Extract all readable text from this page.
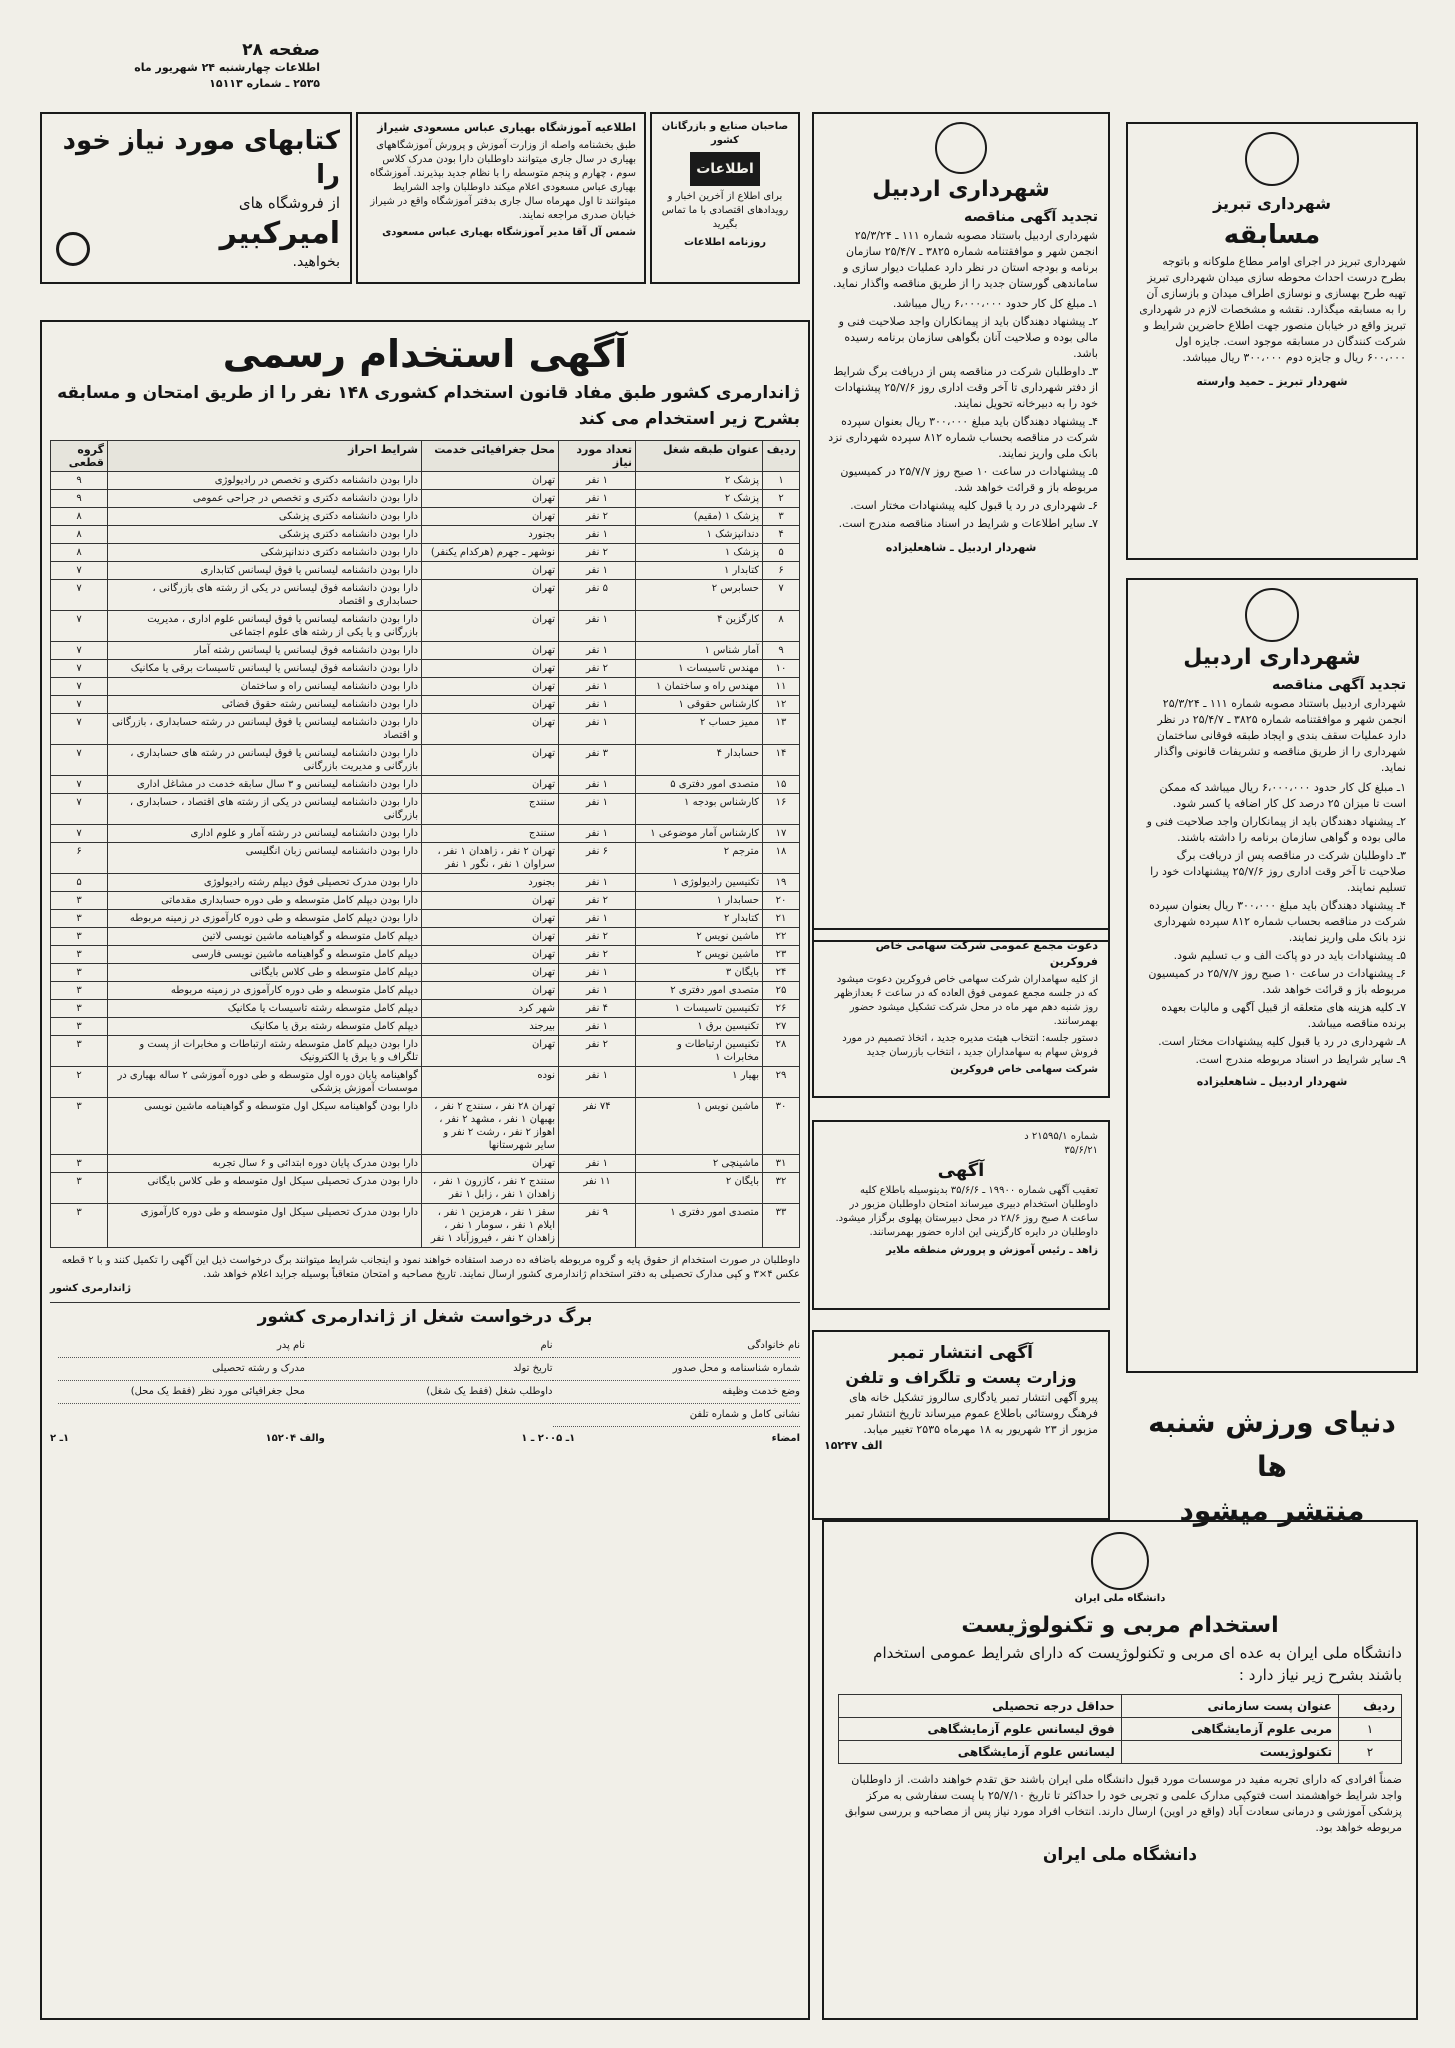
صفحه ۲۸
اطلاعات چهارشنبه ۲۴ شهریور ماه
۲۵۳۵ ـ شماره ۱۵۱۱۳
کتابهای مورد نیاز خود را
از فروشگاه های
امیرکبیر
بخواهید.
اطلاعیه آموزشگاه بهیاری عباس مسعودی شیراز
طبق بخشنامه واصله از وزارت آموزش و پرورش آموزشگاههای بهیاری در سال جاری میتوانند داوطلبان دارا بودن مدرک کلاس سوم ، چهارم و پنجم متوسطه را با نظام جدید بپذیرند. آموزشگاه بهیاری عباس مسعودی اعلام میکند داوطلبان واجد الشرایط میتوانند تا اول مهرماه سال جاری بدفتر آموزشگاه واقع در شیراز خیابان صدری مراجعه نمایند.
شمس آل آقا مدیر آموزشگاه بهیاری عباس مسعودی
صاحبان صنایع و بازرگانان کشور
اطلاعات
برای اطلاع از آخرین اخبار و رویدادهای اقتصادی با ما تماس بگیرید
روزنامه اطلاعات
آگهی استخدام رسمی
ژاندارمری کشور طبق مفاد قانون استخدام کشوری ۱۴۸ نفر را از طریق امتحان و مسابقه بشرح زیر استخدام می کند
ردیف	عنوان طبقه شغل	تعداد مورد نیاز	محل جغرافیائی خدمت	شرایط احراز	گروه قطعی
۱	پزشک ۲	۱ نفر	تهران	دارا بودن دانشنامه دکتری و تخصص در رادیولوژی	۹
۲	پزشک ۲	۱ نفر	تهران	دارا بودن دانشنامه دکتری و تخصص در جراحی عمومی	۹
۳	پزشک ۱ (مقیم)	۲ نفر	تهران	دارا بودن دانشنامه دکتری پزشکی	۸
۴	دندانپزشک ۱	۱ نفر	بجنورد	دارا بودن دانشنامه دکتری پزشکی	۸
۵	پزشک ۱	۲ نفر	نوشهر ـ جهرم (هرکدام یکنفر)	دارا بودن دانشنامه دکتری دندانپزشکی	۸
۶	کتابدار ۱	۱ نفر	تهران	دارا بودن دانشنامه لیسانس یا فوق لیسانس کتابداری	۷
۷	حسابرس ۲	۵ نفر	تهران	دارا بودن دانشنامه فوق لیسانس در یکی از رشته های بازرگانی ، حسابداری و اقتصاد	۷
۸	کارگزین ۴	۱ نفر	تهران	دارا بودن دانشنامه لیسانس یا فوق لیسانس علوم اداری ، مدیریت بازرگانی و یا یکی از رشته های علوم اجتماعی	۷
۹	آمار شناس ۱	۱ نفر	تهران	دارا بودن دانشنامه فوق لیسانس یا لیسانس رشته آمار	۷
۱۰	مهندس تاسیسات ۱	۲ نفر	تهران	دارا بودن دانشنامه فوق لیسانس یا لیسانس تاسیسات برقی یا مکانیک	۷
۱۱	مهندس راه و ساختمان ۱	۱ نفر	تهران	دارا بودن دانشنامه لیسانس راه و ساختمان	۷
۱۲	کارشناس حقوقی ۱	۱ نفر	تهران	دارا بودن دانشنامه لیسانس رشته حقوق قضائی	۷
۱۳	ممیز حساب ۲	۱ نفر	تهران	دارا بودن دانشنامه لیسانس یا فوق لیسانس در رشته حسابداری ، بازرگانی و اقتصاد	۷
۱۴	حسابدار ۴	۳ نفر	تهران	دارا بودن دانشنامه لیسانس یا فوق لیسانس در رشته های حسابداری ، بازرگانی و مدیریت بازرگانی	۷
۱۵	متصدی امور دفتری ۵	۱ نفر	تهران	دارا بودن دانشنامه لیسانس و ۳ سال سابقه خدمت در مشاغل اداری	۷
۱۶	کارشناس بودجه ۱	۱ نفر	سنندج	دارا بودن دانشنامه لیسانس در یکی از رشته های اقتصاد ، حسابداری ، بازرگانی	۷
۱۷	کارشناس آمار موضوعی ۱	۱ نفر	سنندج	دارا بودن دانشنامه لیسانس در رشته آمار و علوم اداری	۷
۱۸	مترجم ۲	۶ نفر	تهران ۲ نفر ، زاهدان ۱ نفر ، سراوان ۱ نفر ، نگور ۱ نفر	دارا بودن دانشنامه لیسانس زبان انگلیسی	۶
۱۹	تکنیسین رادیولوژی ۱	۱ نفر	بجنورد	دارا بودن مدرک تحصیلی فوق دیپلم رشته رادیولوژی	۵
۲۰	حسابدار ۱	۲ نفر	تهران	دارا بودن دیپلم کامل متوسطه و طی دوره حسابداری مقدماتی	۳
۲۱	کتابدار ۲	۱ نفر	تهران	دارا بودن دیپلم کامل متوسطه و طی دوره کارآموزی در زمینه مربوطه	۳
۲۲	ماشین نویس ۲	۲ نفر	تهران	دیپلم کامل متوسطه و گواهینامه ماشین نویسی لاتین	۳
۲۳	ماشین نویس ۲	۲ نفر	تهران	دیپلم کامل متوسطه و گواهینامه ماشین نویسی فارسی	۳
۲۴	بایگان ۳	۱ نفر	تهران	دیپلم کامل متوسطه و طی کلاس بایگانی	۳
۲۵	متصدی امور دفتری ۲	۱ نفر	تهران	دیپلم کامل متوسطه و طی دوره کارآموزی در زمینه مربوطه	۳
۲۶	تکنیسین تاسیسات ۱	۴ نفر	شهر کرد	دیپلم کامل متوسطه رشته تاسیسات یا مکانیک	۳
۲۷	تکنیسین برق ۱	۱ نفر	بیرجند	دیپلم کامل متوسطه رشته برق یا مکانیک	۳
۲۸	تکنیسین ارتباطات و مخابرات ۱	۲ نفر	تهران	دارا بودن دیپلم کامل متوسطه رشته ارتباطات و مخابرات از پست و تلگراف و یا برق یا الکترونیک	۳
۲۹	بهیار ۱	۱ نفر	نوده	گواهینامه پایان دوره اول متوسطه و طی دوره آموزشی ۲ ساله بهیاری در موسسات آموزش پزشکی	۲
۳۰	ماشین نویس ۱	۷۴ نفر	تهران ۲۸ نفر ، سنندج ۲ نفر ، بهبهان ۱ نفر ، مشهد ۲ نفر ، اهواز ۲ نفر ، رشت ۲ نفر و سایر شهرستانها	دارا بودن گواهینامه سیکل اول متوسطه و گواهینامه ماشین نویسی	۳
۳۱	ماشینچی ۲	۱ نفر	تهران	دارا بودن مدرک پایان دوره ابتدائی و ۶ سال تجربه	۳
۳۲	بایگان ۲	۱۱ نفر	سنندج ۲ نفر ، کازرون ۱ نفر ، زاهدان ۱ نفر ، زابل ۱ نفر	دارا بودن مدرک تحصیلی سیکل اول متوسطه و طی کلاس بایگانی	۳
۳۳	متصدی امور دفتری ۱	۹ نفر	سقز ۱ نفر ، هرمزین ۱ نفر ، ایلام ۱ نفر ، سومار ۱ نفر ، زاهدان ۲ نفر ، فیروزآباد ۱ نفر	دارا بودن مدرک تحصیلی سیکل اول متوسطه و طی دوره کارآموزی	۳
داوطلبان در صورت استخدام از حقوق پایه و گروه مربوطه باضافه ده درصد استفاده خواهند نمود و اینجانب شرایط میتوانند برگ درخواست ذیل این آگهی را تکمیل کنند و با ۲ قطعه عکس ۴×۳ و کپی مدارک تحصیلی به دفتر استخدام ژاندارمری کشور ارسال نمایند. تاریخ مصاحبه و امتحان متعاقباً بوسیله جراید اعلام خواهد شد.
ژاندارمری کشور
برگ درخواست شغل از ژاندارمری کشور
نام خانوادگی
نام
نام پدر
شماره شناسنامه و محل صدور
تاریخ تولد
مدرک و رشته تحصیلی
وضع خدمت وظیفه
داوطلب شغل (فقط یک شغل)
محل جغرافیائی مورد نظر (فقط یک محل)
نشانی کامل و شماره تلفن
امضاء
۱ـ ۲۰۰۵ ـ ۱
والف ۱۵۲۰۴
۱ـ ۲
شهرداری اردبیل
تجدید آگهی مناقصه
شهرداری اردبیل باستناد مصوبه شماره ۱۱۱ ـ ۲۵/۳/۲۴ انجمن شهر و موافقتنامه شماره ۳۸۲۵ ـ ۲۵/۴/۷ سازمان برنامه و بودجه استان در نظر دارد عملیات دیوار سازی و ساماندهی گورستان جدید را از طریق مناقصه واگذار نماید.

۱ـ مبلغ کل کار حدود ۶،۰۰۰،۰۰۰ ریال میباشد.

۲ـ پیشنهاد دهندگان باید از پیمانکاران واجد صلاحیت فنی و مالی بوده و صلاحیت آنان بگواهی سازمان برنامه رسیده باشد.

۳ـ داوطلبان شرکت در مناقصه پس از دریافت برگ شرایط از دفتر شهرداری تا آخر وقت اداری روز ۲۵/۷/۶ پیشنهادات خود را به دبیرخانه تحویل نمایند.

۴ـ پیشنهاد دهندگان باید مبلغ ۳۰۰،۰۰۰ ریال بعنوان سپرده شرکت در مناقصه بحساب شماره ۸۱۲ سپرده شهرداری نزد بانک ملی واریز نمایند.

۵ـ پیشنهادات در ساعت ۱۰ صبح روز ۲۵/۷/۷ در کمیسیون مربوطه باز و قرائت خواهد شد.

۶ـ شهرداری در رد یا قبول کلیه پیشنهادات مختار است.

۷ـ سایر اطلاعات و شرایط در اسناد مناقصه مندرج است.

شهردار اردبیل ـ شاهعلیزاده
دعوت مجمع عمومی شرکت سهامی خاص فروکرین
از کلیه سهامداران شرکت سهامی خاص فروکرین دعوت میشود که در جلسه مجمع عمومی فوق العاده که در ساعت ۶ بعدازظهر روز شنبه دهم مهر ماه در محل شرکت تشکیل میشود حضور بهمرسانند.
دستور جلسه: انتخاب هیئت مدیره جدید ، اتخاذ تصمیم در مورد فروش سهام به سهامداران جدید ، انتخاب بازرسان جدید
شرکت سهامی خاص فروکرین
شماره ۲۱۵۹۵/۱ د
۳۵/۶/۲۱
آگهی
تعقیب آگهی شماره ۱۹۹۰۰ ـ ۳۵/۶/۶ بدینوسیله باطلاع کلیه داوطلبان استخدام دبیری میرساند امتحان داوطلبان مزبور در ساعت ۸ صبح روز ۲۸/۶ در محل دبیرستان پهلوی برگزار میشود. داوطلبان در دایره کارگزینی این اداره حضور بهمرسانند.
زاهد ـ رئیس آموزش و پرورش منطقه ملایر
آگهی انتشار تمبر
وزارت پست و تلگراف و تلفن
پیرو آگهی انتشار تمبر یادگاری سالروز تشکیل خانه های فرهنگ روستائی باطلاع عموم میرساند تاریخ انتشار تمبر مزبور از ۲۳ شهریور به ۱۸ مهرماه ۲۵۳۵ تغییر میابد.
الف ۱۵۲۴۷
شهرداری تبریز
مسابقه
شهرداری تبریز در اجرای اوامر مطاع ملوکانه و باتوجه بطرح درست احداث محوطه سازی میدان شهرداری تبریز تهیه طرح بهسازی و نوسازی اطراف میدان و بازسازی آن را به مسابقه میگذارد. نقشه و مشخصات لازم در شهرداری تبریز واقع در خیابان منصور جهت اطلاع حاضرین شرایط و شرکت کنندگان در مسابقه موجود است. جایزه اول ۶۰۰،۰۰۰ ریال و جایزه دوم ۳۰۰،۰۰۰ ریال میباشد.
شهردار تبریز ـ حمید وارسته
شهرداری اردبیل
تجدید آگهی مناقصه
شهرداری اردبیل باستناد مصوبه شماره ۱۱۱ ـ ۲۵/۳/۲۴ انجمن شهر و موافقتنامه شماره ۳۸۲۵ ـ ۲۵/۴/۷ در نظر دارد عملیات سقف بندی و ایجاد طبقه فوقانی ساختمان شهرداری را از طریق مناقصه و تشریفات قانونی واگذار نماید.

۱ـ مبلغ کل کار حدود ۶،۰۰۰،۰۰۰ ریال میباشد که ممکن است تا میزان ۲۵ درصد کل کار اضافه یا کسر شود.

۲ـ پیشنهاد دهندگان باید از پیمانکاران واجد صلاحیت فنی و مالی بوده و گواهی سازمان برنامه را داشته باشند.

۳ـ داوطلبان شرکت در مناقصه پس از دریافت برگ صلاحیت تا آخر وقت اداری روز ۲۵/۷/۶ پیشنهادات خود را تسلیم نمایند.

۴ـ پیشنهاد دهندگان باید مبلغ ۳۰۰،۰۰۰ ریال بعنوان سپرده شرکت در مناقصه بحساب شماره ۸۱۲ سپرده شهرداری نزد بانک ملی واریز نمایند.

۵ـ پیشنهادات باید در دو پاکت الف و ب تسلیم شود.

۶ـ پیشنهادات در ساعت ۱۰ صبح روز ۲۵/۷/۷ در کمیسیون مربوطه باز و قرائت خواهد شد.

۷ـ کلیه هزینه های متعلقه از قبیل آگهی و مالیات بعهده برنده مناقصه میباشد.

۸ـ شهرداری در رد یا قبول کلیه پیشنهادات مختار است.

۹ـ سایر شرایط در اسناد مربوطه مندرج است.

شهردار اردبیل ـ شاهعلیزاده
دنیای ورزش شنبه ها
منتشر میشود
دانشگاه ملی ایران
استخدام مربی و تکنولوژیست
دانشگاه ملی ایران به عده ای مربی و تکنولوژیست که دارای شرایط عمومی استخدام باشند بشرح زیر نیاز دارد :
ردیف	عنوان پست سازمانی	حداقل درجه تحصیلی
۱	مربی علوم آزمایشگاهی	فوق لیسانس علوم آزمایشگاهی
۲	تکنولوژیست	لیسانس علوم آزمایشگاهی
ضمناً افرادی که دارای تجربه مفید در موسسات مورد قبول دانشگاه ملی ایران باشند حق تقدم خواهند داشت. از داوطلبان واجد شرایط خواهشمند است فتوکپی مدارک علمی و تجربی خود را حداکثر تا تاریخ ۲۵/۷/۱۰ با پست سفارشی به مرکز پزشکی آموزشی و درمانی سعادت آباد (واقع در اوین) ارسال دارند. انتخاب افراد مورد نیاز پس از مصاحبه و بررسی سوابق مربوطه خواهد بود.
دانشگاه ملی ایران
